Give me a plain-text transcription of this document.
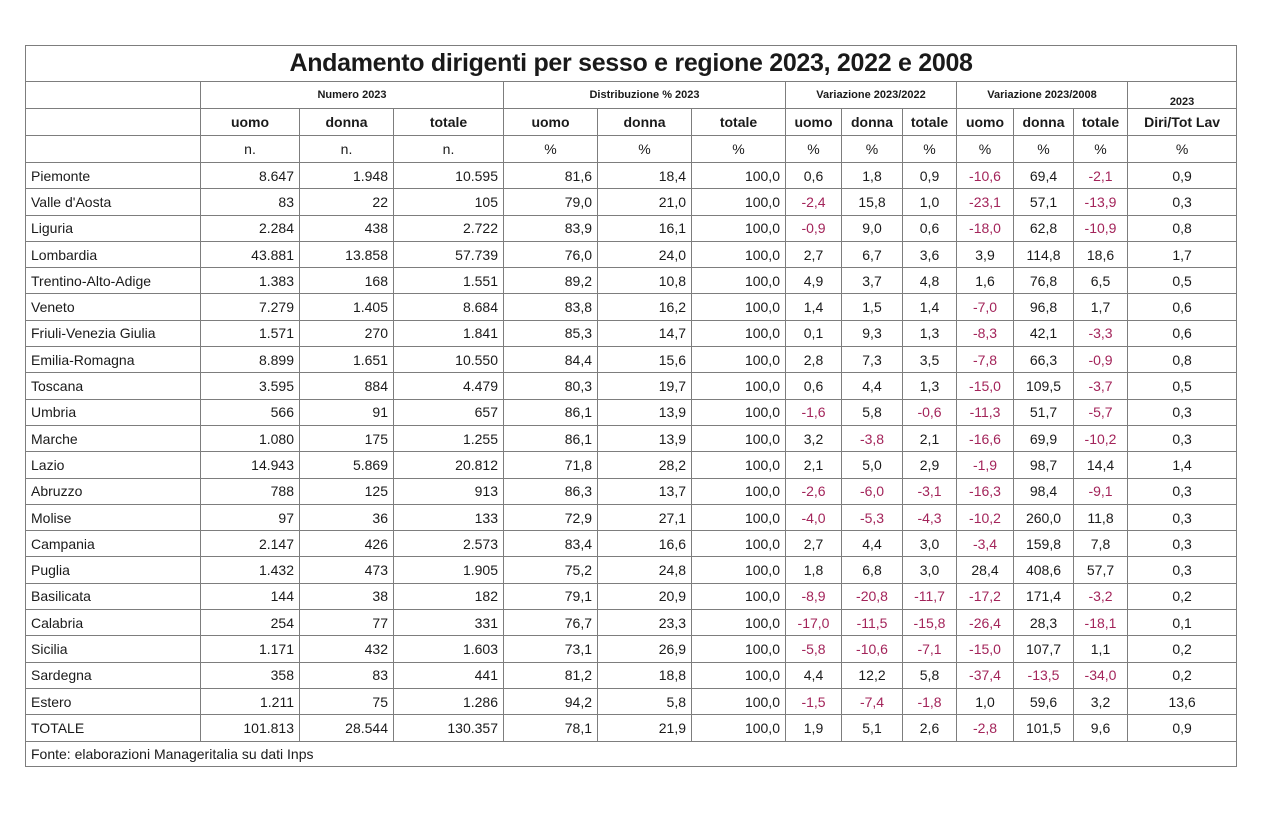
Andamento dirigenti per sesso e regione 2023, 2022 e 2008													
	Numero 2023			Distribuzione % 2023			Variazione 2023/2022			Variazione 2023/2008			2023
	uomo	donna	totale	uomo	donna	totale	uomo	donna	totale	uomo	donna	totale	Diri/Tot Lav
	n.	n.	n.	%	%	%	%	%	%	%	%	%	%
Piemonte	8.647	1.948	10.595	81,6	18,4	100,0	0,6	1,8	0,9	-10,6	69,4	-2,1	0,9
Valle d'Aosta	83	22	105	79,0	21,0	100,0	-2,4	15,8	1,0	-23,1	57,1	-13,9	0,3
Liguria	2.284	438	2.722	83,9	16,1	100,0	-0,9	9,0	0,6	-18,0	62,8	-10,9	0,8
Lombardia	43.881	13.858	57.739	76,0	24,0	100,0	2,7	6,7	3,6	3,9	114,8	18,6	1,7
Trentino-Alto-Adige	1.383	168	1.551	89,2	10,8	100,0	4,9	3,7	4,8	1,6	76,8	6,5	0,5
Veneto	7.279	1.405	8.684	83,8	16,2	100,0	1,4	1,5	1,4	-7,0	96,8	1,7	0,6
Friuli-Venezia Giulia	1.571	270	1.841	85,3	14,7	100,0	0,1	9,3	1,3	-8,3	42,1	-3,3	0,6
Emilia-Romagna	8.899	1.651	10.550	84,4	15,6	100,0	2,8	7,3	3,5	-7,8	66,3	-0,9	0,8
Toscana	3.595	884	4.479	80,3	19,7	100,0	0,6	4,4	1,3	-15,0	109,5	-3,7	0,5
Umbria	566	91	657	86,1	13,9	100,0	-1,6	5,8	-0,6	-11,3	51,7	-5,7	0,3
Marche	1.080	175	1.255	86,1	13,9	100,0	3,2	-3,8	2,1	-16,6	69,9	-10,2	0,3
Lazio	14.943	5.869	20.812	71,8	28,2	100,0	2,1	5,0	2,9	-1,9	98,7	14,4	1,4
Abruzzo	788	125	913	86,3	13,7	100,0	-2,6	-6,0	-3,1	-16,3	98,4	-9,1	0,3
Molise	97	36	133	72,9	27,1	100,0	-4,0	-5,3	-4,3	-10,2	260,0	11,8	0,3
Campania	2.147	426	2.573	83,4	16,6	100,0	2,7	4,4	3,0	-3,4	159,8	7,8	0,3
Puglia	1.432	473	1.905	75,2	24,8	100,0	1,8	6,8	3,0	28,4	408,6	57,7	0,3
Basilicata	144	38	182	79,1	20,9	100,0	-8,9	-20,8	-11,7	-17,2	171,4	-3,2	0,2
Calabria	254	77	331	76,7	23,3	100,0	-17,0	-11,5	-15,8	-26,4	28,3	-18,1	0,1
Sicilia	1.171	432	1.603	73,1	26,9	100,0	-5,8	-10,6	-7,1	-15,0	107,7	1,1	0,2
Sardegna	358	83	441	81,2	18,8	100,0	4,4	12,2	5,8	-37,4	-13,5	-34,0	0,2
Estero	1.211	75	1.286	94,2	5,8	100,0	-1,5	-7,4	-1,8	1,0	59,6	3,2	13,6
TOTALE	101.813	28.544	130.357	78,1	21,9	100,0	1,9	5,1	2,6	-2,8	101,5	9,6	0,9
Fonte: elaborazioni Manageritalia su dati Inps													
